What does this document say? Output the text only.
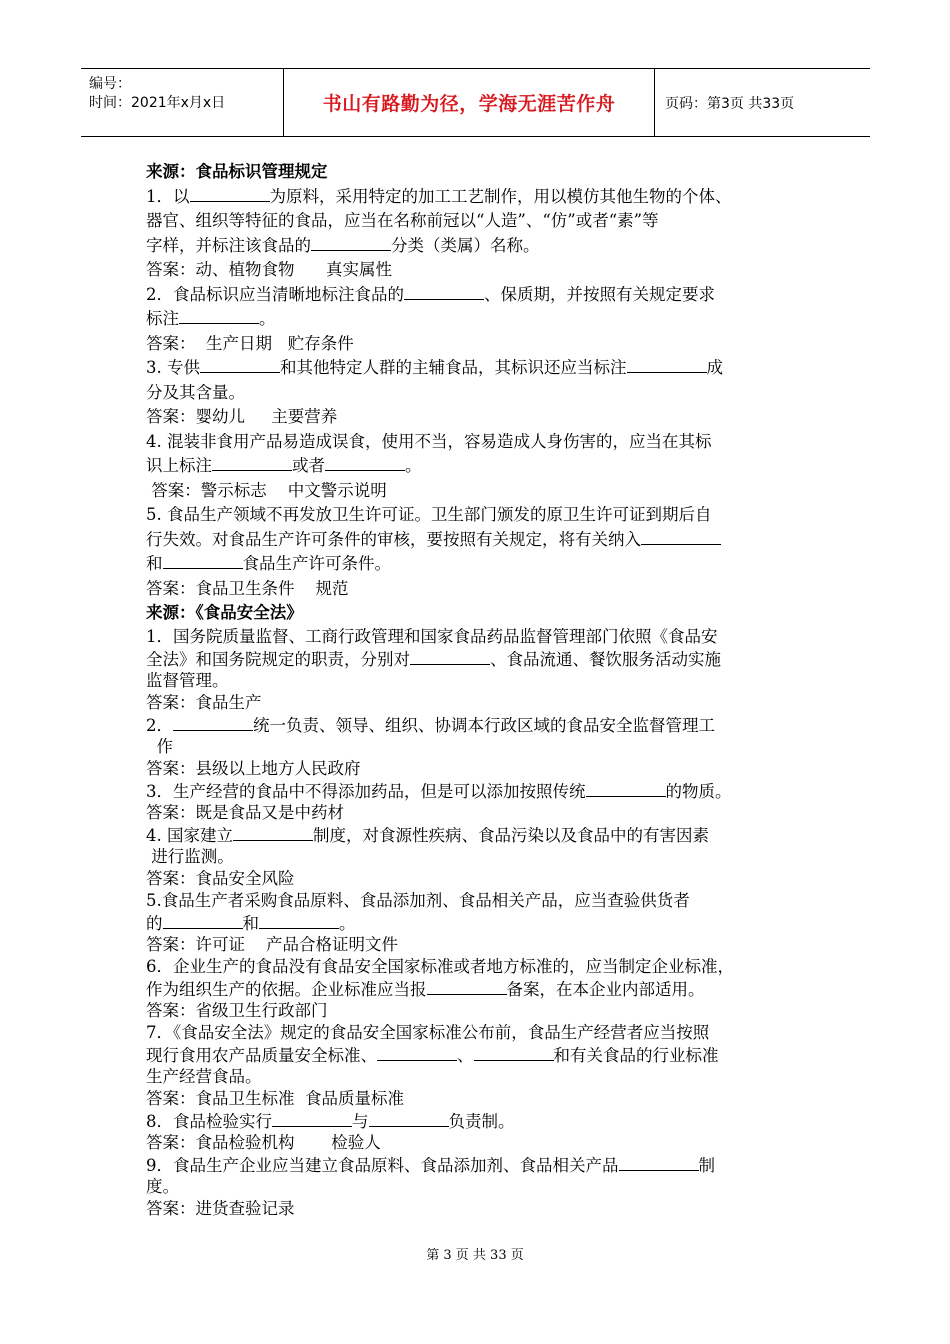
编号：
时间：2021年x月x日	书山有路勤为径，学海无涯苦作舟	页码：第3页 共33页
来源：食品标识管理规定
1．以	为原料，采用特定的加工工艺制作，用以模仿其他生物的个体、
器官、组织等特征的食品，应当在名称前冠以“人造”、“仿”或者“素”等
字样，并标注该食品的	分类（类属）名称。
答案：动、植物食物      真实属性
2．食品标识应当清晰地标注食品的	、保质期，并按照有关规定要求
标注	。
答案：  生产日期   贮存条件
3. 专供	和其他特定人群的主辅食品，其标识还应当标注	成
分及其含量。
答案：婴幼儿     主要营养
4. 混装非食用产品易造成误食，使用不当，容易造成人身伤害的，应当在其标
识上标注	或者	。
答案：警示标志    中文警示说明
5. 食品生产领域不再发放卫生许可证。卫生部门颁发的原卫生许可证到期后自
行失效。对食品生产许可条件的审核，要按照有关规定，将有关纳入
和	食品生产许可条件。
答案：食品卫生条件    规范
来源：《食品安全法》
1．国务院质量监督、工商行政管理和国家食品药品监督管理部门依照《食品安
全法》和国务院规定的职责，分别对	、食品流通、餐饮服务活动实施
监督管理。
答案：食品生产
2．	统一负责、领导、组织、协调本行政区域的食品安全监督管理工
作
答案：县级以上地方人民政府
3．生产经营的食品中不得添加药品，但是可以添加按照传统	的物质。
答案：既是食品又是中药材
4. 国家建立	制度，对食源性疾病、食品污染以及食品中的有害因素
进行监测。
答案：食品安全风险
5.食品生产者采购食品原料、食品添加剂、食品相关产品，应当查验供货者
的	和	。
答案：许可证    产品合格证明文件
6．企业生产的食品没有食品安全国家标准或者地方标准的，应当制定企业标准，
作为组织生产的依据。企业标准应当报	备案，在本企业内部适用。
答案：省级卫生行政部门
7．《食品安全法》规定的食品安全国家标准公布前，食品生产经营者应当按照
现行食用农产品质量安全标准、	、	和有关食品的行业标准
生产经营食品。
答案：食品卫生标准  食品质量标准
8．食品检验实行	与	负责制。
答案：食品检验机构       检验人
9．食品生产企业应当建立食品原料、食品添加剂、食品相关产品	制
度。
答案：进货查验记录
第 3 页 共 33 页
